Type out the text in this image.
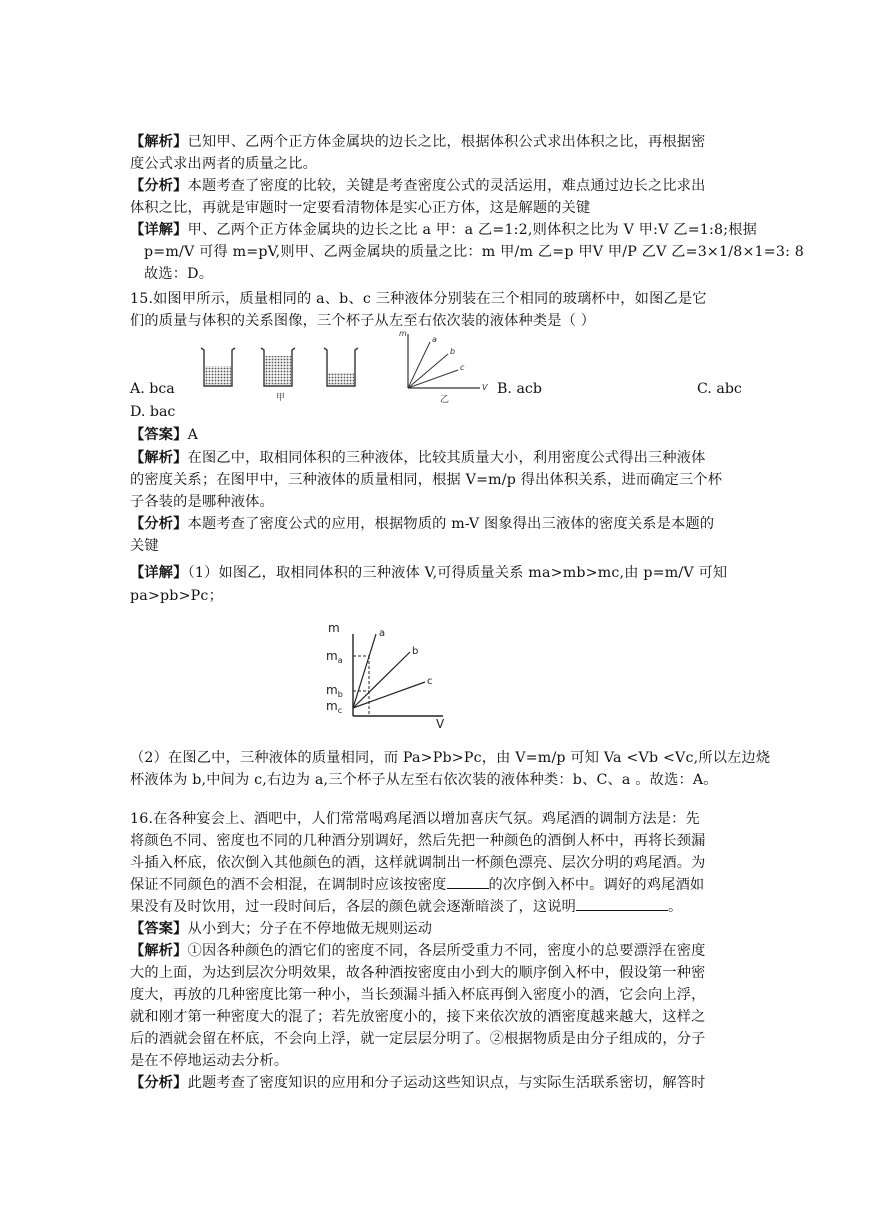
【解析】已知甲、乙两个正方体金属块的边长之比，根据体积公式求出体积之比，再根据密
度公式求出两者的质量之比。
【分析】本题考查了密度的比较，关键是考查密度公式的灵活运用，难点通过边长之比求出
体积之比，再就是审题时一定要看清物体是实心正方体，这是解题的关键
【详解】甲、乙两个正方体金属块的边长之比 a 甲：a 乙=1:2,则体积之比为 V 甲:V 乙=1:8;根据
p=m/V 可得 m=pV,则甲、乙两金属块的质量之比：m 甲/m 乙=p 甲V 甲/P 乙V 乙=3×1/8×1=3: 8
故选：D。
15.如图甲所示，质量相同的 a、b、c 三种液体分别装在三个相同的玻璃杯中，如图乙是它
们的质量与体积的关系图像，三个杯子从左至右依次装的液体种类是（ ）
甲
m
V
a
b
c
乙
A. bca	B. acb	C. abc
D. bac
【答案】A
【解析】在图乙中，取相同体积的三种液体，比较其质量大小，利用密度公式得出三种液体
的密度关系；在图甲中，三种液体的质量相同，根据 V=m/p 得出体积关系，进而确定三个杯
子各装的是哪种液体。
【分析】本题考查了密度公式的应用，根据物质的 m-V 图象得出三液体的密度关系是本题的
关键
【详解】（1）如图乙，取相同体积的三种液体 V,可得质量关系 ma>mb>mc,由 p=m/V 可知
pa>pb>Pc；
m
V
$m_a$
$m_b$
$m_c$
a
b
c
（2）在图乙中，三种液体的质量相同，而 Pa>Pb>Pc，由 V=m/p 可知 Va <Vb <Vc,所以左边烧
杯液体为 b,中间为 c,右边为 a,三个杯子从左至右依次装的液体种类：b、C、a 。故选：A。
16.在各种宴会上、酒吧中，人们常常喝鸡尾酒以增加喜庆气氛。鸡尾酒的调制方法是：先
将颜色不同、密度也不同的几种酒分别调好，然后先把一种颜色的酒倒人杯中，再将长颈漏
斗插入杯底，依次倒入其他颜色的酒，这样就调制出一杯颜色漂亮、层次分明的鸡尾酒。为
保证不同颜色的酒不会相混，在调制时应该按密度	的次序倒入杯中。调好的鸡尾酒如
果没有及时饮用，过一段时间后，各层的颜色就会逐渐暗淡了，这说明	。
【答案】从小到大；分子在不停地做无规则运动
【解析】①因各种颜色的酒它们的密度不同，各层所受重力不同，密度小的总要漂浮在密度
大的上面，为达到层次分明效果，故各种酒按密度由小到大的顺序倒入杯中，假设第一种密
度大，再放的几种密度比第一种小，当长颈漏斗插入杯底再倒入密度小的酒，它会向上浮，
就和刚才第一种密度大的混了；若先放密度小的，接下来依次放的酒密度越来越大，这样之
后的酒就会留在杯底，不会向上浮，就一定层层分明了。②根据物质是由分子组成的，分子
是在不停地运动去分析。
【分析】此题考查了密度知识的应用和分子运动这些知识点，与实际生活联系密切，解答时
